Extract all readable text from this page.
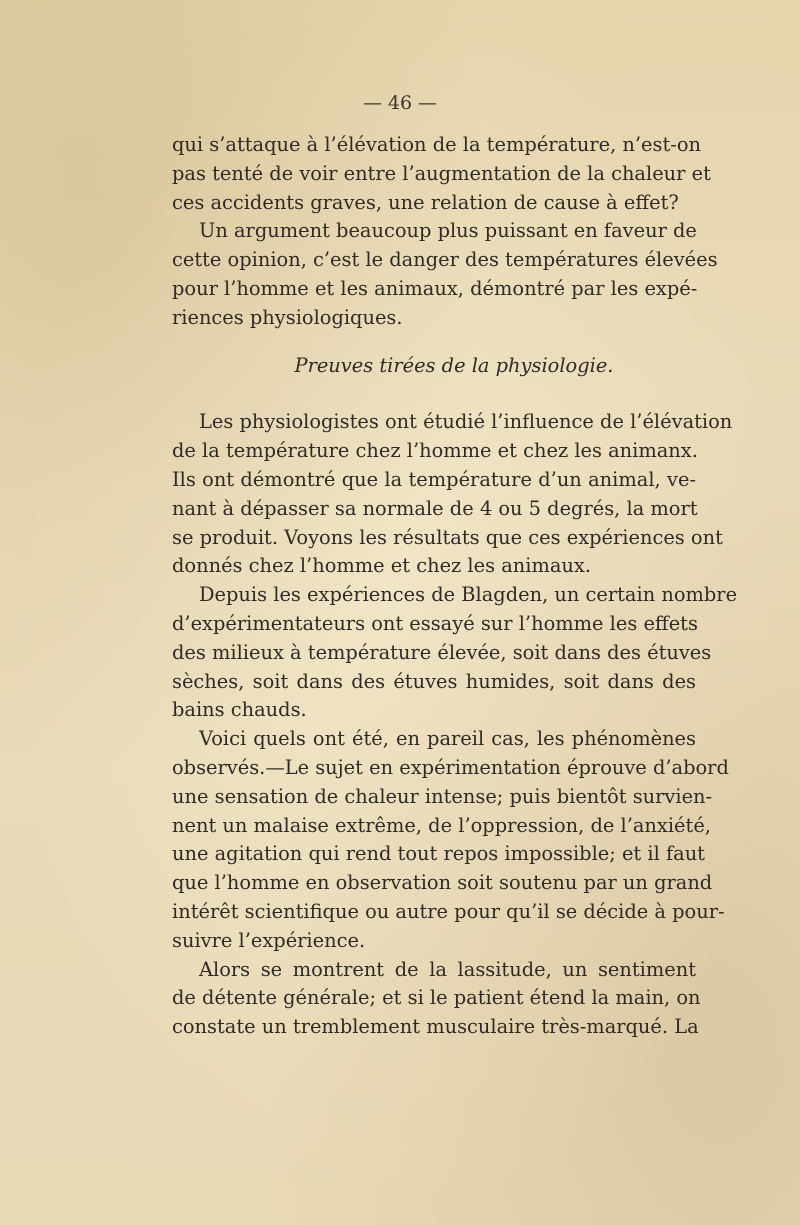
— 46 —
qui s’attaque à l’élévation de la température, n’est-on
pas tenté de voir entre l’augmentation de la chaleur et
ces accidents graves, une relation de cause à effet?
Un argument beaucoup plus puissant en faveur de
cette opinion, c’est le danger des températures élevées
pour l’homme et les animaux, démontré par les expé-
riences physiologiques.
Preuves tirées de la physiologie.
Les physiologistes ont étudié l’influence de l’élévation
de la température chez l’homme et chez les animanx.
Ils ont démontré que la température d’un animal, ve-
nant à dépasser sa normale de 4 ou 5 degrés, la mort
se produit. Voyons les résultats que ces expériences ont
donnés chez l’homme et chez les animaux.
Depuis les expériences de Blagden, un certain nombre
d’expérimentateurs ont essayé sur l’homme les effets
des milieux à température élevée, soit dans des étuves
sèches, soit dans des étuves humides, soit dans des
bains chauds.
Voici quels ont été, en pareil cas, les phénomènes
observés.—Le sujet en expérimentation éprouve d’abord
une sensation de chaleur intense; puis bientôt survien-
nent un malaise extrême, de l’oppression, de l’anxiété,
une agitation qui rend tout repos impossible; et il faut
que l’homme en observation soit soutenu par un grand
intérêt scientifique ou autre pour qu’il se décide à pour-
suivre l’expérience.
Alors se montrent de la lassitude, un sentiment
de détente générale; et si le patient étend la main, on
constate un tremblement musculaire très-marqué. La
